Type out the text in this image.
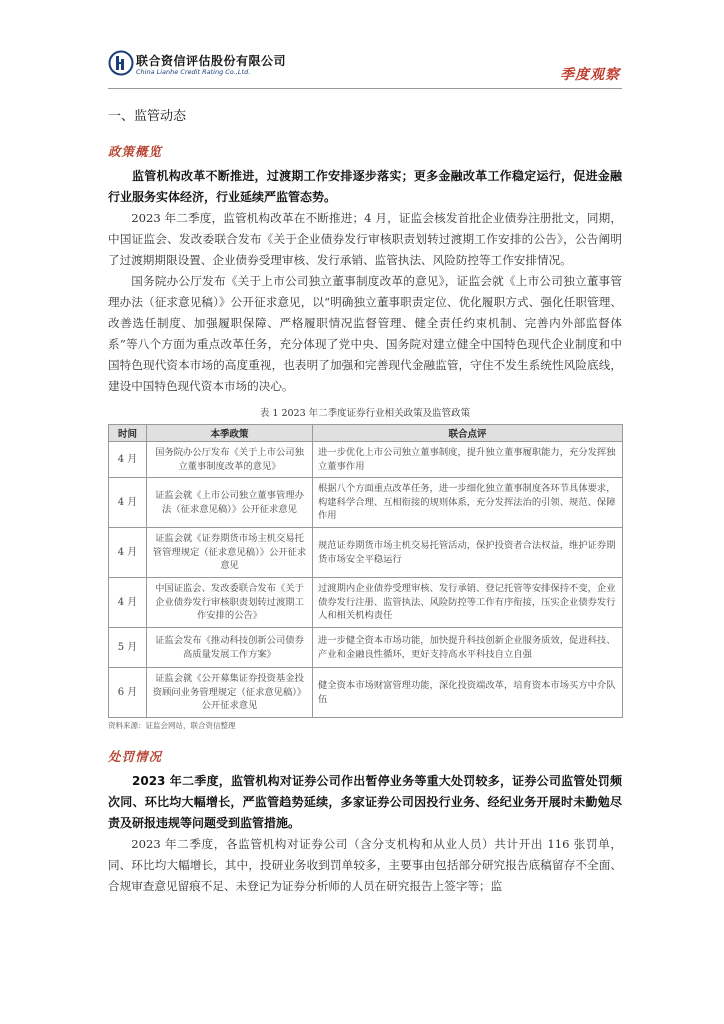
联合资信评估股份有限公司
China Lianhe Credit Rating Co.,Ltd.	季度观察
一、监管动态
政策概览

监管机构改革不断推进，过渡期工作安排逐步落实；更多金融改革工作稳定运行，促进金融行业服务实体经济，行业延续严监管态势。

2023 年二季度，监管机构改革在不断推进；4 月，证监会核发首批企业债券注册批文，同期，中国证监会、发改委联合发布《关于企业债券发行审核职责划转过渡期工作安排的公告》，公告阐明了过渡期期限设置、企业债券受理审核、发行承销、监管执法、风险防控等工作安排情况。

国务院办公厅发布《关于上市公司独立董事制度改革的意见》，证监会就《上市公司独立董事管理办法（征求意见稿）》公开征求意见，以“明确独立董事职责定位、优化履职方式、强化任职管理、改善选任制度、加强履职保障、严格履职情况监督管理、健全责任约束机制、完善内外部监督体系”等八个方面为重点改革任务，充分体现了党中央、国务院对建立健全中国特色现代企业制度和中国特色现代资本市场的高度重视，也表明了加强和完善现代金融监管，守住不发生系统性风险底线，建设中国特色现代资本市场的决心。

表 1 2023 年二季度证券行业相关政策及监管政策
时间	本季政策	联合点评
4 月	国务院办公厅发布《关于上市公司独立董事制度改革的意见》	进一步优化上市公司独立董事制度，提升独立董事履职能力，充分发挥独立董事作用
4 月	证监会就《上市公司独立董事管理办法（征求意见稿）》公开征求意见	根据八个方面重点改革任务，进一步细化独立董事制度各环节具体要求，构建科学合理、互相衔接的规则体系，充分发挥法治的引领、规范、保障作用
4 月	证监会就《证券期货市场主机交易托管管理规定（征求意见稿）》公开征求意见	规范证券期货市场主机交易托管活动，保护投资者合法权益，维护证券期货市场安全平稳运行
4 月	中国证监会、发改委联合发布《关于企业债券发行审核职责划转过渡期工作安排的公告》	过渡期内企业债券受理审核、发行承销、登记托管等安排保持不变，企业债券发行注册、监管执法、风险防控等工作有序衔接，压实企业债券发行人和相关机构责任
5 月	证监会发布《推动科技创新公司债券高质量发展工作方案》	进一步健全资本市场功能，加快提升科技创新企业服务质效，促进科技、产业和金融良性循环，更好支持高水平科技自立自强
6 月	证监会就《公开募集证券投资基金投资顾问业务管理规定（征求意见稿）》公开征求意见	健全资本市场财富管理功能，深化投资端改革，培育资本市场买方中介队伍
资料来源：证监会网站，联合资信整理
处罚情况

2023 年二季度，监管机构对证券公司作出暂停业务等重大处罚较多，证券公司监管处罚频次同、环比均大幅增长，严监管趋势延续，多家证券公司因投行业务、经纪业务开展时未勤勉尽责及研报违规等问题受到监管措施。

2023 年二季度，各监管机构对证券公司（含分支机构和从业人员）共计开出 116 张罚单，同、环比均大幅增长，其中，投研业务收到罚单较多，主要事由包括部分研究报告底稿留存不全面、合规审查意见留痕不足、未登记为证券分析师的人员在研究报告上签字等；监
